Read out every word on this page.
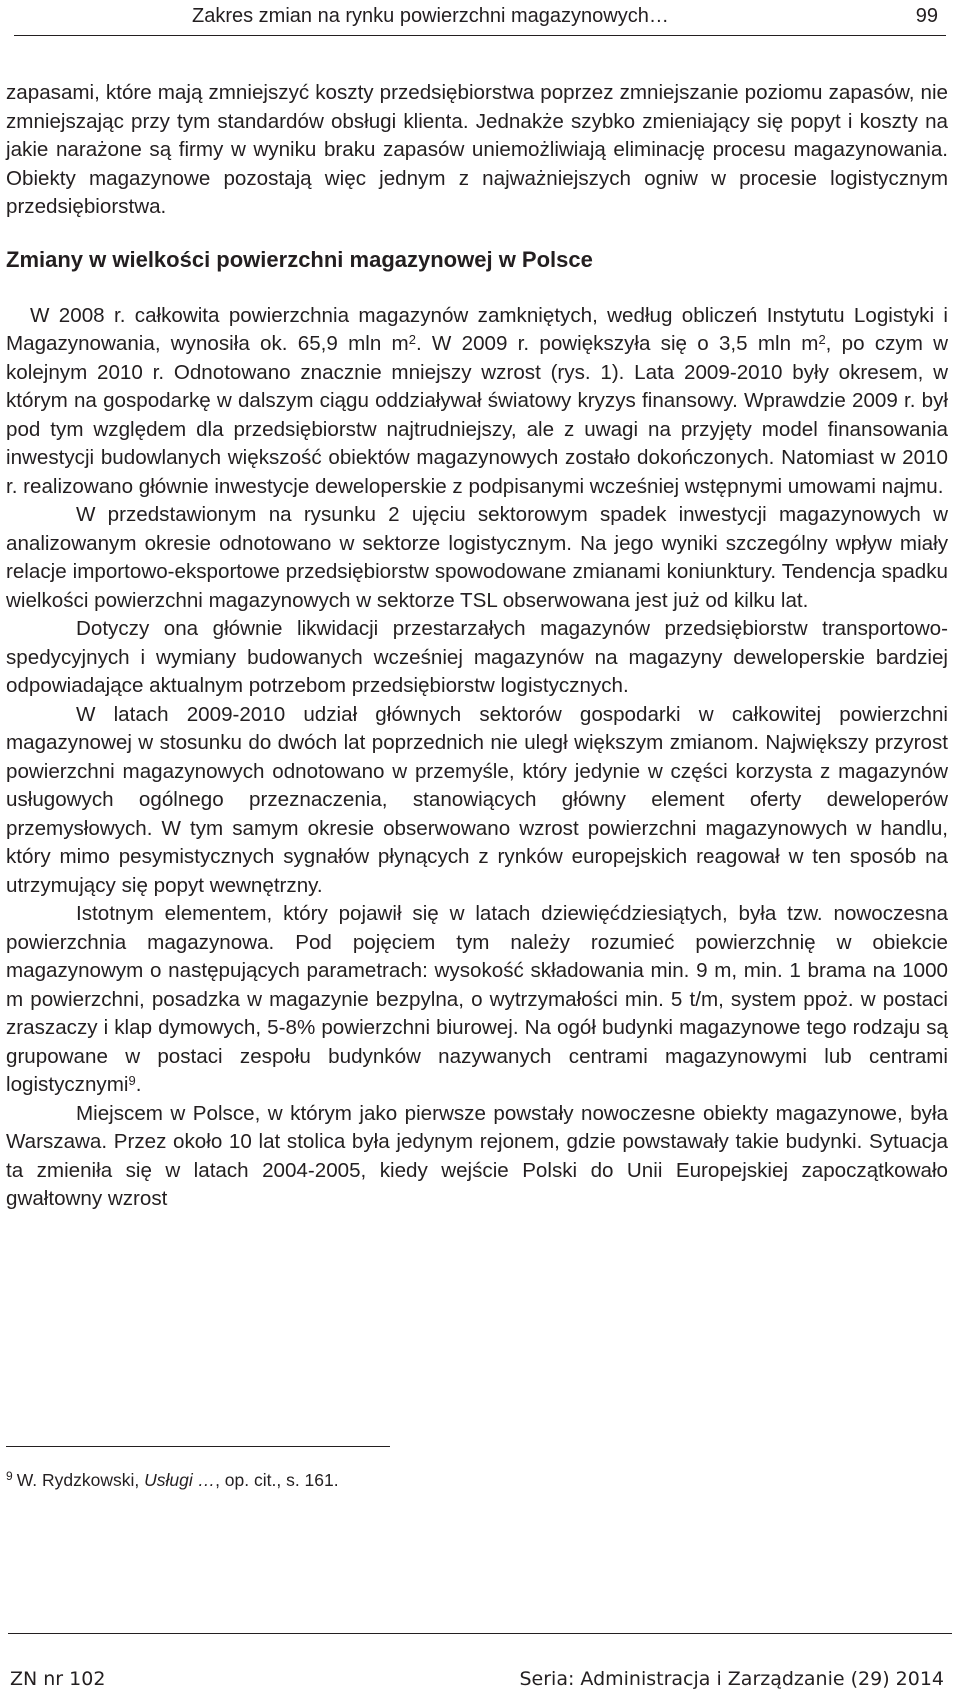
Zakres zmian na rynku powierzchni magazynowych…	99

zapasami, które mają zmniejszyć koszty przedsiębiorstwa poprzez zmniejszanie poziomu zapasów, nie zmniejszając przy tym standardów obsługi klienta. Jednakże szybko zmieniający się popyt i koszty na jakie narażone są firmy w wyniku braku zapasów uniemożliwiają eliminację procesu magazynowania. Obiekty magazynowe pozostają więc jednym z najważniejszych ogniw w procesie logistycznym przedsiębiorstwa.

Zmiany w wielkości powierzchni magazynowej w Polsce

W 2008 r. całkowita powierzchnia magazynów zamkniętych, według obliczeń Instytutu Logistyki i Magazynowania, wynosiła ok. 65,9 mln $m^2$. W 2009 r. powiększyła się o 3,5 mln $m^2$, po czym w kolejnym 2010 r. Odnotowano znacznie mniejszy wzrost (rys. 1). Lata 2009-2010 były okresem, w którym na gospodarkę w dalszym ciągu oddziaływał światowy kryzys finansowy. Wprawdzie 2009 r. był pod tym względem dla przedsiębiorstw najtrudniejszy, ale z uwagi na przyjęty model finansowania inwestycji budowlanych większość obiektów magazynowych zostało dokończonych. Natomiast w 2010 r. realizowano głównie inwestycje deweloperskie z podpisanymi wcześniej wstępnymi umowami najmu.

W przedstawionym na rysunku 2 ujęciu sektorowym spadek inwestycji magazynowych w analizowanym okresie odnotowano w sektorze logistycznym. Na jego wyniki szczególny wpływ miały relacje importowo-eksportowe przedsiębiorstw spowodowane zmianami koniunktury. Tendencja spadku wielkości powierzchni magazynowych w sektorze TSL obserwowana jest już od kilku lat.

Dotyczy ona głównie likwidacji przestarzałych magazynów przedsiębiorstw transportowo-spedycyjnych i wymiany budowanych wcześniej magazynów na magazyny deweloperskie bardziej odpowiadające aktualnym potrzebom przedsiębiorstw logistycznych.

W latach 2009-2010 udział głównych sektorów gospodarki w całkowitej powierzchni magazynowej w stosunku do dwóch lat poprzednich nie uległ większym zmianom. Największy przyrost powierzchni magazynowych odnotowano w przemyśle, który jedynie w części korzysta z magazynów usługowych ogólnego przeznaczenia, stanowiących główny element oferty deweloperów przemysłowych. W tym samym okresie obserwowano wzrost powierzchni magazynowych w handlu, który mimo pesymistycznych sygnałów płynących z rynków europejskich reagował w ten sposób na utrzymujący się popyt wewnętrzny.

Istotnym elementem, który pojawił się w latach dziewięćdziesiątych, była tzw. nowoczesna powierzchnia magazynowa. Pod pojęciem tym należy rozumieć powierzchnię w obiekcie magazynowym o następujących parametrach: wysokość składowania min. 9 m, min. 1 brama na 1000 m powierzchni, posadzka w magazynie bezpylna, o wytrzymałości min. 5 t/m, system ppoż. w postaci zraszaczy i klap dymowych, 5-8% powierzchni biurowej. Na ogół budynki magazynowe tego rodzaju są grupowane w postaci zespołu budynków nazywanych centrami magazynowymi lub centrami logistycznymi$^9$.

Miejscem w Polsce, w którym jako pierwsze powstały nowoczesne obiekty magazynowe, była Warszawa. Przez około 10 lat stolica była jedynym rejonem, gdzie powstawały takie budynki. Sytuacja ta zmieniła się w latach 2004-2005, kiedy wejście Polski do Unii Europejskiej zapoczątkowało gwałtowny wzrost

$^9$ W. Rydzkowski, Usługi …, op. cit., s. 161.
ZN nr 102	Seria: Administracja i Zarządzanie (29) 2014
